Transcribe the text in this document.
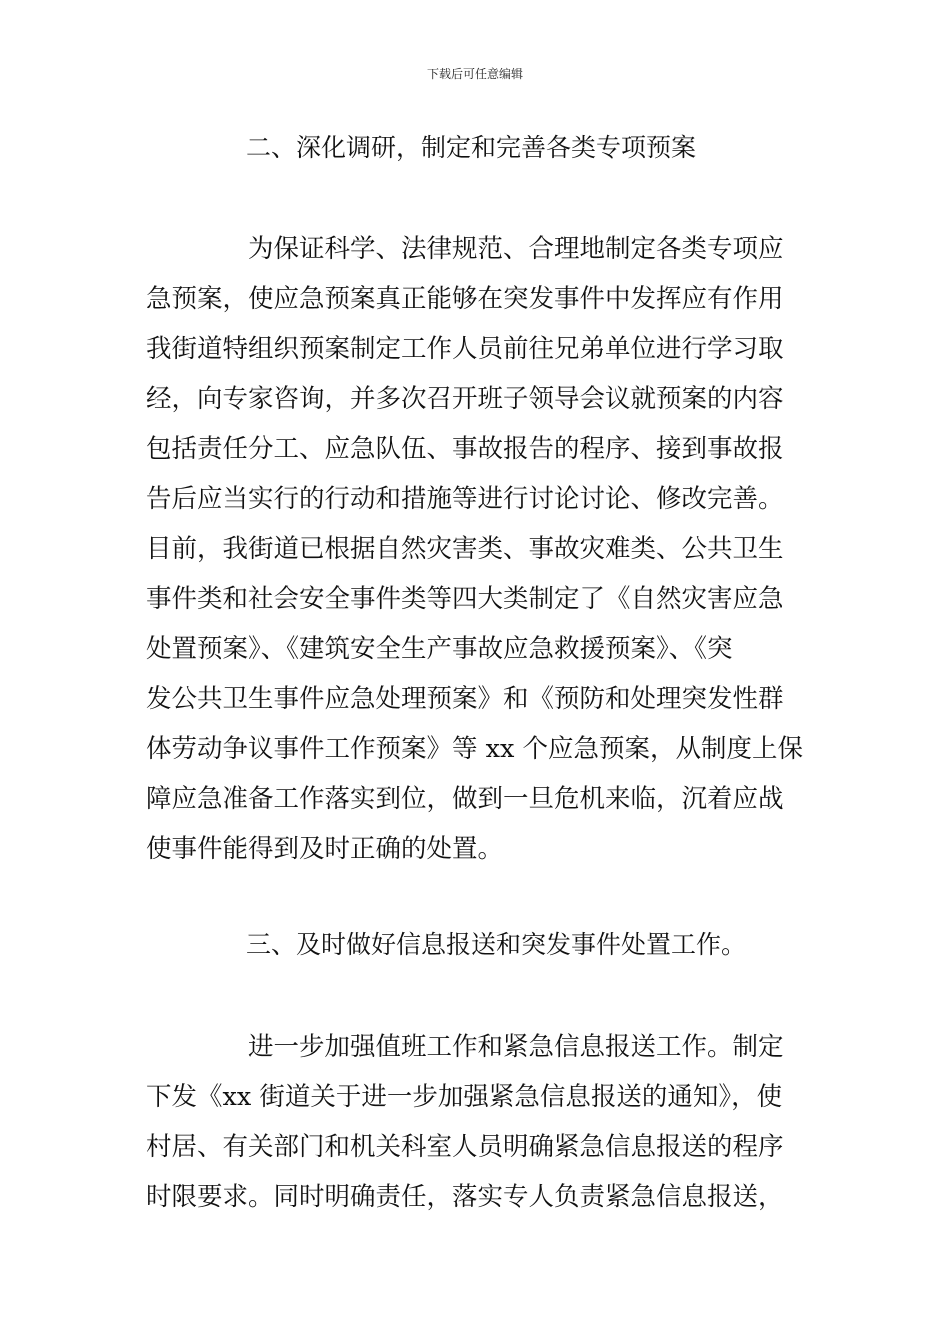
下载后可任意编辑
二、深化调研，制定和完善各类专项预案
为保证科学、法律规范、合理地制定各类专项应
急预案，使应急预案真正能够在突发事件中发挥应有作用
我街道特组织预案制定工作人员前往兄弟单位进行学习取
经，向专家咨询，并多次召开班子领导会议就预案的内容
包括责任分工、应急队伍、事故报告的程序、接到事故报
告后应当实行的行动和措施等进行讨论讨论、修改完善。
目前，我街道已根据自然灾害类、事故灾难类、公共卫生
事件类和社会安全事件类等四大类制定了《自然灾害应急
处置预案》、《建筑安全生产事故应急救援预案》、《突
发公共卫生事件应急处理预案》和《预防和处理突发性群
体劳动争议事件工作预案》等 xx 个应急预案，从制度上保
障应急准备工作落实到位，做到一旦危机来临，沉着应战
使事件能得到及时正确的处置。
三、及时做好信息报送和突发事件处置工作。
进一步加强值班工作和紧急信息报送工作。制定
下发《xx 街道关于进一步加强紧急信息报送的通知》，使
村居、有关部门和机关科室人员明确紧急信息报送的程序
时限要求。同时明确责任，落实专人负责紧急信息报送，
